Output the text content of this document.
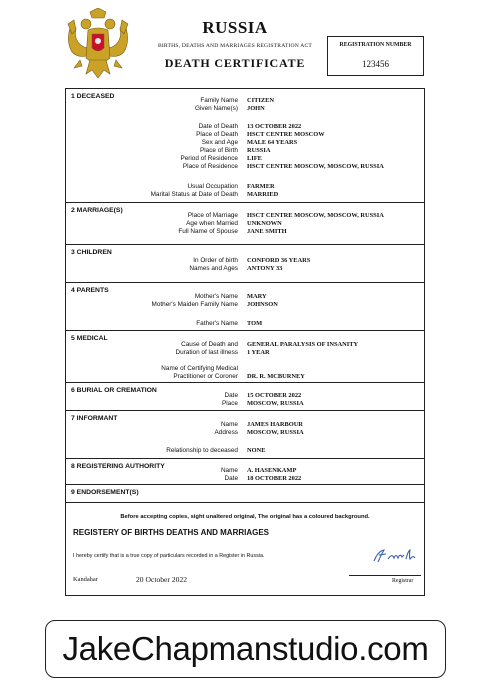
RUSSIA
BIRTHS, DEATHS AND MARRIAGES REGISTRATION ACT
DEATH CERTIFICATE
REGISTRATION NUMBER
123456
1 DECEASED
Family Name CITIZEN
Given Name(s) JOHN
Date of Death 13 OCTOBER 2022
Place of Death HSCT CENTRE MOSCOW
Sex and Age MALE 64 YEARS
Place of Birth RUSSIA
Period of Residence LIFE
Place of Residence HSCT CENTRE MOSCOW, MOSCOW, RUSSIA
Usual Occupation FARMER
Marital Status at Date of Death MARRIED
2 MARRIAGE(S)
Place of Marriage HSCT CENTRE MOSCOW, MOSCOW, RUSSIA
Age when Married UNKNOWN
Full Name of Spouse JANE SMITH
3 CHILDREN
In Order of birth CONFORD 36 YEARS
Names and Ages ANTONY 33
4 PARENTS
Mother's Name MARY
Mother's Maiden Family Name JOHNSON
Father's Name TOM
5 MEDICAL
Cause of Death and GENERAL PARALYSIS OF INSANITY
Duration of last illness 1 YEAR
Name of Certifying Medical
Practitioner or Coroner DR. R. MCBURNEY
6 BURIAL OR CREMATION
Date 15 OCTOBER 2022
Place MOSCOW, RUSSIA
7 INFORMANT
Name JAMES HARBOUR
Address MOSCOW, RUSSIA
Relationship to deceased NONE
8 REGISTERING AUTHORITY
Name A. HASENKAMP
Date 18 OCTOBER 2022
9 ENDORSEMENT(S)
Before accepting copies, sight unaltered original, The original has a coloured background.
REGISTERY OF BIRTHS DEATHS AND MARRIAGES
I hereby certify that is a true copy of particulars recorded in a Register in Russia.
Kandahar	20 October 2022	Registrar
JakeChapmanstudio.com
